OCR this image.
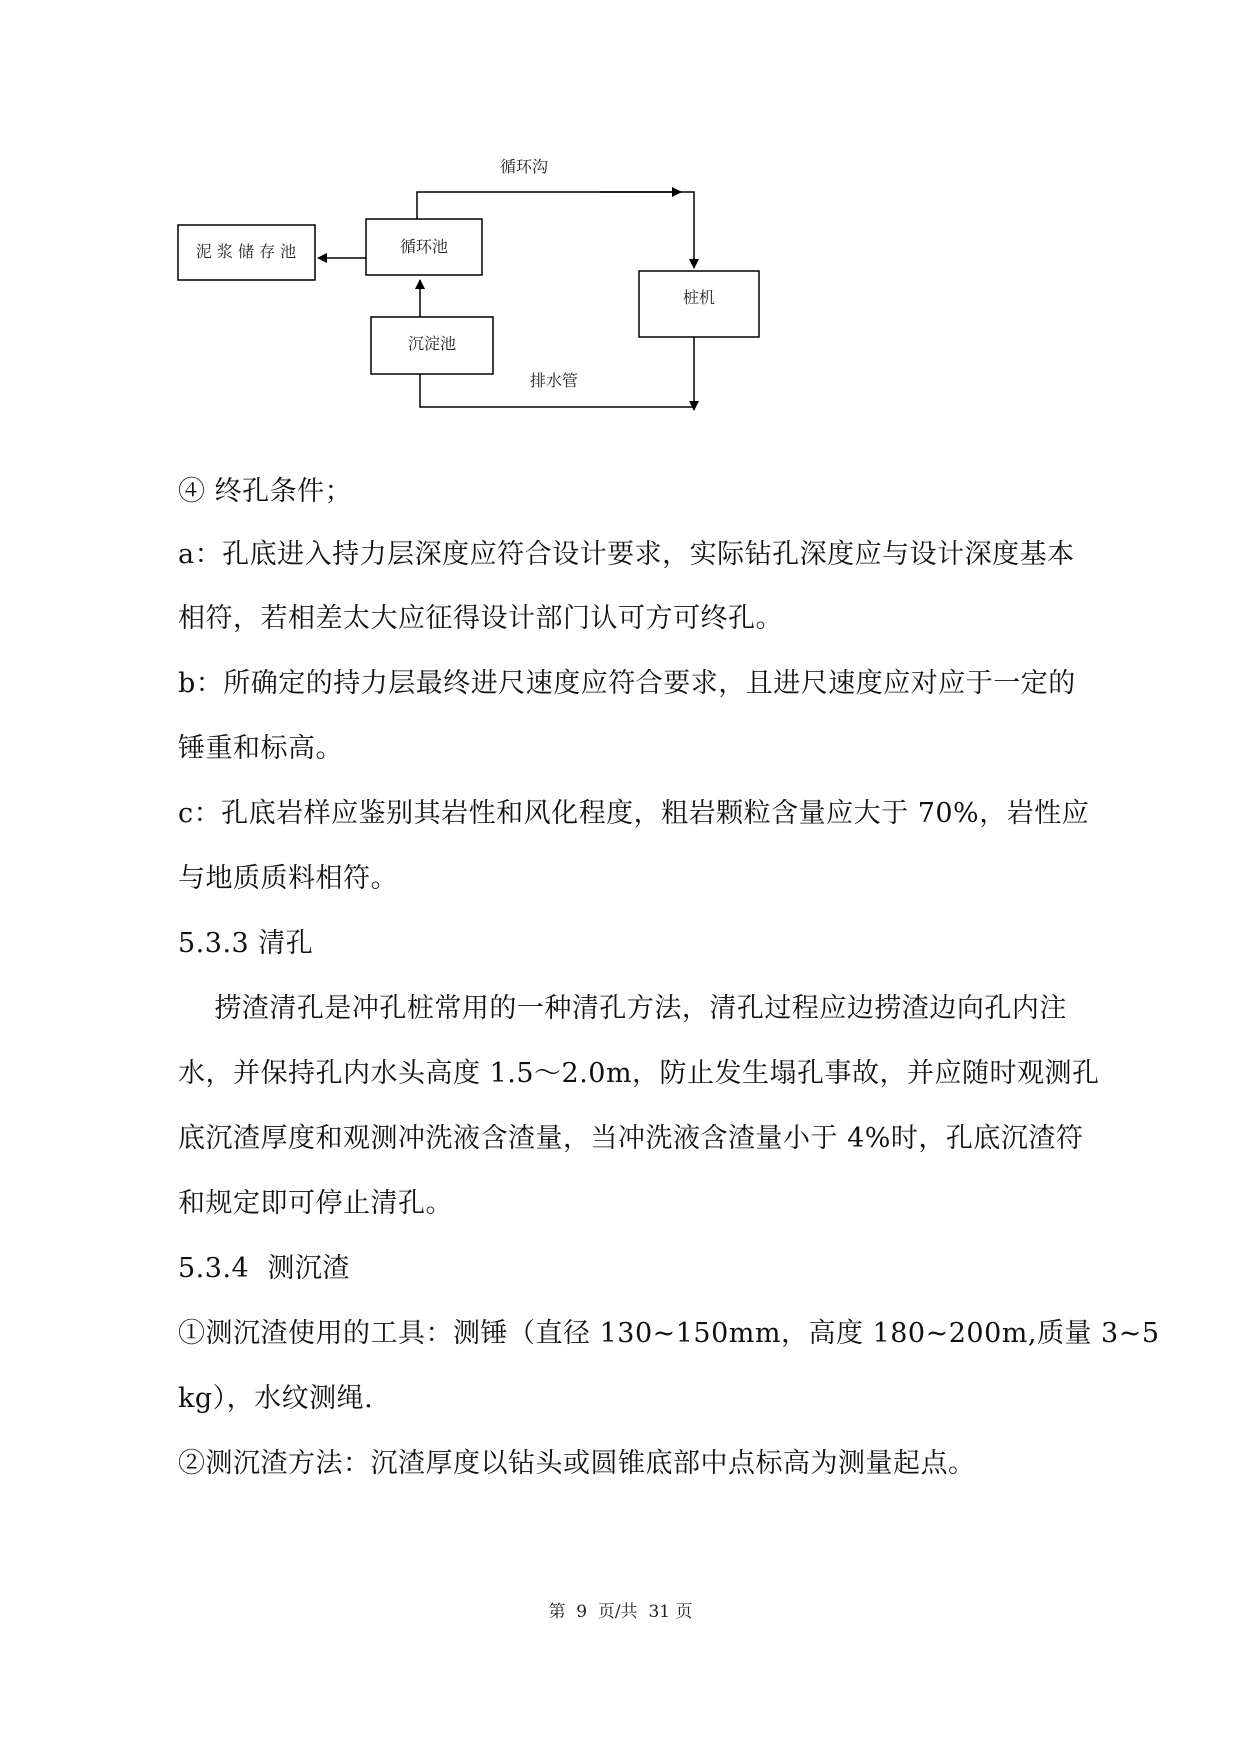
泥 浆 储 存 池	循环池
桩机
沉淀池
循环沟
排水管
④ 终孔条件；
a：孔底进入持力层深度应符合设计要求，实际钻孔深度应与设计深度基本
相符，若相差太大应征得设计部门认可方可终孔。
b：所确定的持力层最终进尺速度应符合要求，且进尺速度应对应于一定的
锤重和标高。
c：孔底岩样应鉴别其岩性和风化程度，粗岩颗粒含量应大于 70%，岩性应
与地质质料相符。
5.3.3 清孔
捞渣清孔是冲孔桩常用的一种清孔方法，清孔过程应边捞渣边向孔内注
水，并保持孔内水头高度 1.5～2.0m，防止发生塌孔事故，并应随时观测孔
底沉渣厚度和观测冲洗液含渣量，当冲洗液含渣量小于 4%时，孔底沉渣符
和规定即可停止清孔。
5.3.4  测沉渣
①测沉渣使用的工具：测锤（直径 130~150mm，高度 180~200m,质量 3~5
kg），水纹测绳.
②测沉渣方法：沉渣厚度以钻头或圆锥底部中点标高为测量起点。
第  9  页/共  31 页
